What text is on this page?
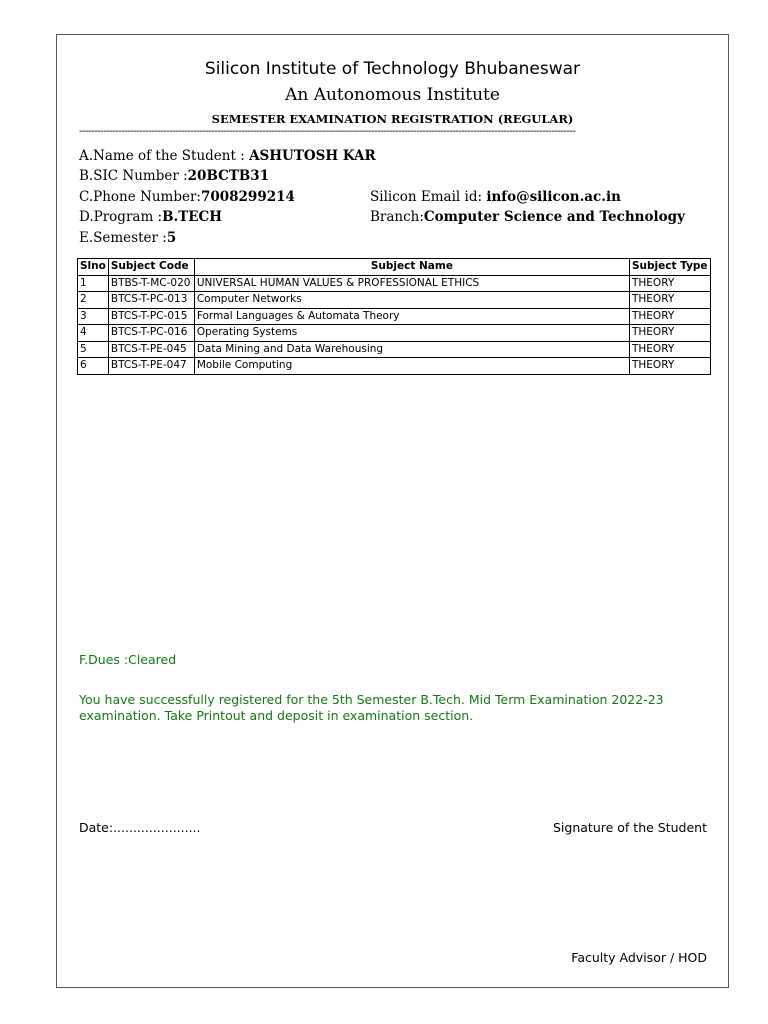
Silicon Institute of Technology Bhubaneswar
An Autonomous Institute
SEMESTER EXAMINATION REGISTRATION (REGULAR)
---------------------------------------------------------------------------------------------------------------------------------------------------------------------
A.Name of the Student : ASHUTOSH KAR
B.SIC Number :20BCTB31
C.Phone Number:7008299214	Silicon Email id: info@silicon.ac.in
D.Program :B.TECH	Branch:Computer Science and Technology
E.Semester :5
Slno	Subject Code	Subject Name	Subject Type
1	BTBS-T-MC-020	UNIVERSAL HUMAN VALUES & PROFESSIONAL ETHICS	THEORY
2	BTCS-T-PC-013	Computer Networks	THEORY
3	BTCS-T-PC-015	Formal Languages & Automata Theory	THEORY
4	BTCS-T-PC-016	Operating Systems	THEORY
5	BTCS-T-PE-045	Data Mining and Data Warehousing	THEORY
6	BTCS-T-PE-047	Mobile Computing	THEORY
F.Dues :Cleared
You have successfully registered for the 5th Semester B.Tech. Mid Term Examination 2022-23 examination. Take Printout and deposit in examination section.
Date:......................	Signature of the Student
Faculty Advisor / HOD
